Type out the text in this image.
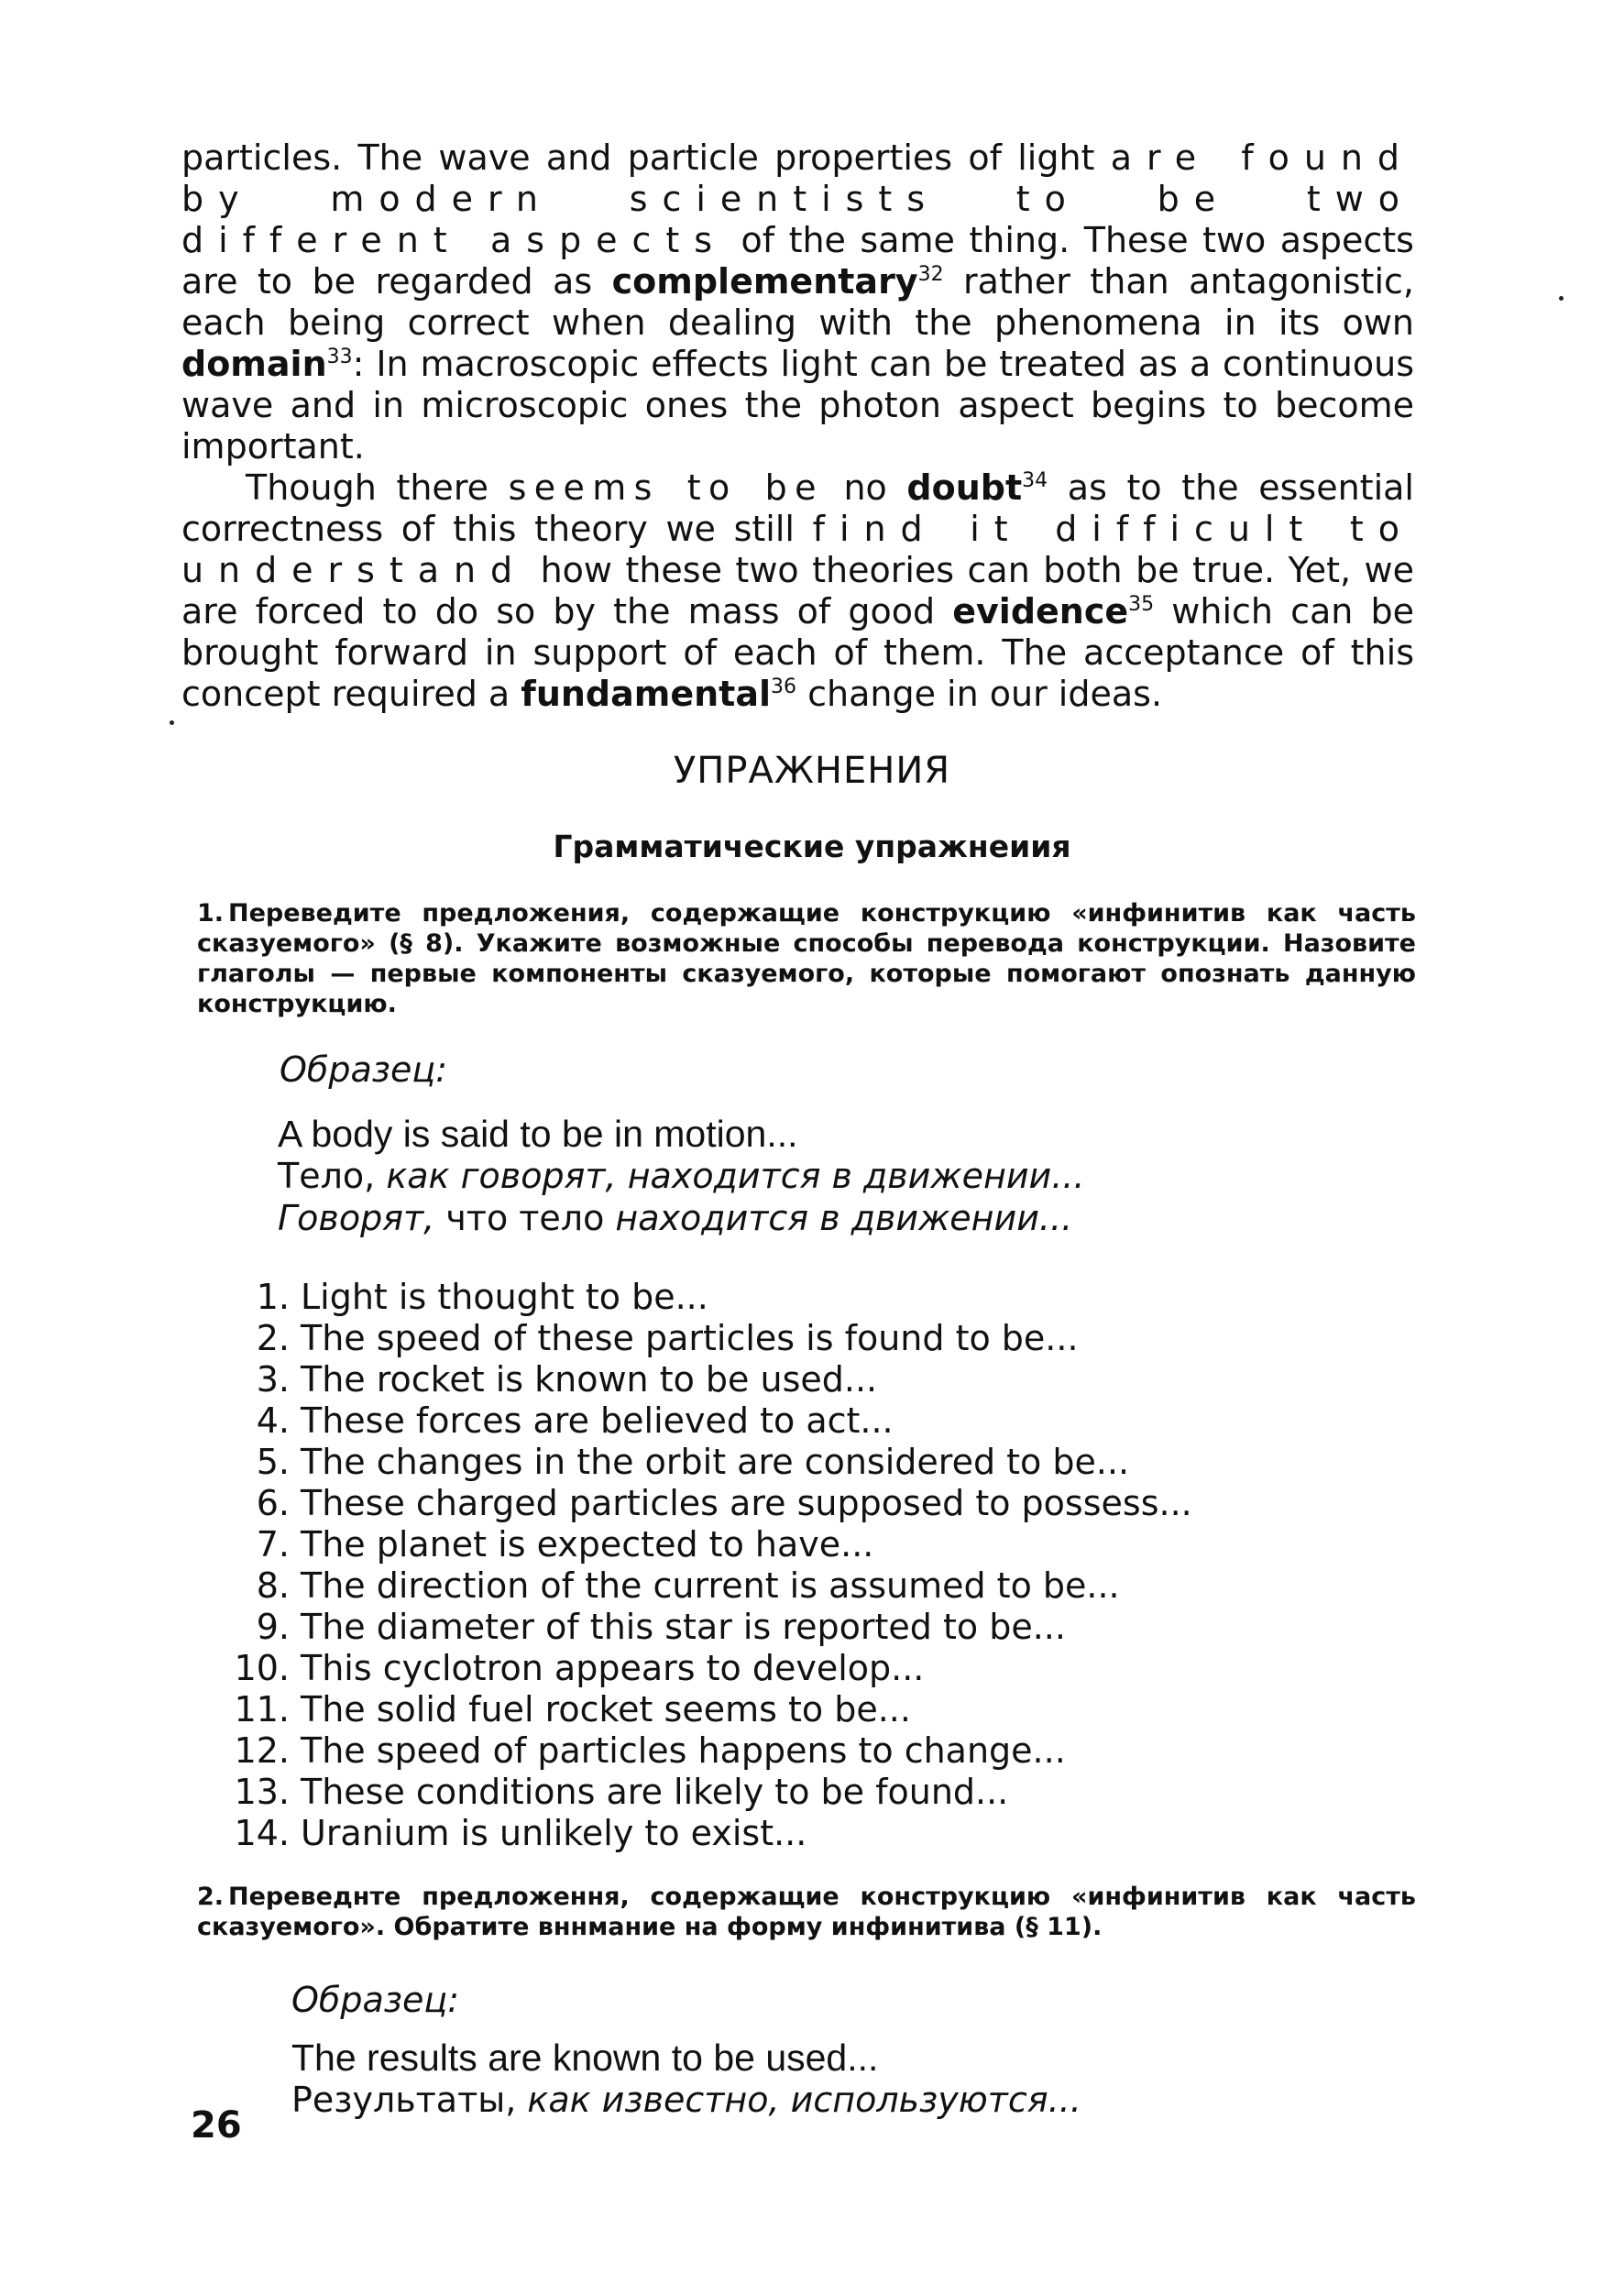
particles. The wave and particle properties of light are found by modern scientists to be two different aspects of the same thing. These two aspects are to be regarded as complementary$^{32}$ rather than antagonistic, each being correct when dealing with the phenomena in its own domain$^{33}$: In macroscopic effects light can be treated as a continuous wave and in microscopic ones the photon aspect begins to become important.

Though there seems to be no doubt$^{34}$ as to the essential correctness of this theory we still find it difficult to understand how these two theories can both be true. Yet, we are forced to do so by the mass of good evidence$^{35}$ which can be brought forward in support of each of them. The acceptance of this concept required a fundamental$^{36}$ change in our ideas.

УПРАЖНЕНИЯ
Грамматические упражнеиия
1. Переведите предложения, содержащие конструкцию «инфинитив как часть сказуемого» (§ 8). Укажите возможные способы перевода конструкции. Назовите глаголы — первые компоненты сказуемого, которые помогают опознать данную конструкцию.
Образец:
A body is said to be in motion...
Тело, как говорят, находится в движении...
Говорят, что тело находится в движении...
1. Light is thought to be...
2. The speed of these particles is found to be...
3. The rocket is known to be used...
4. These forces are believed to act...
5. The changes in the orbit are considered to be...
6. These charged particles are supposed to possess...
7. The planet is expected to have...
8. The direction of the current is assumed to be...
9. The diameter of this star is reported to be...
10. This cyclotron appears to develop...
11. The solid fuel rocket seems to be...
12. The speed of particles happens to change...
13. These conditions are likely to be found...
14. Uranium is unlikely to exist...
2. Переведнте предложення, содержащие конструкцию «инфинитив как часть сказуемого». Обратите вннмание на форму инфинитива (§ 11).
Образец:
The results are known to be used...
Результаты, как известно, используются...
26
